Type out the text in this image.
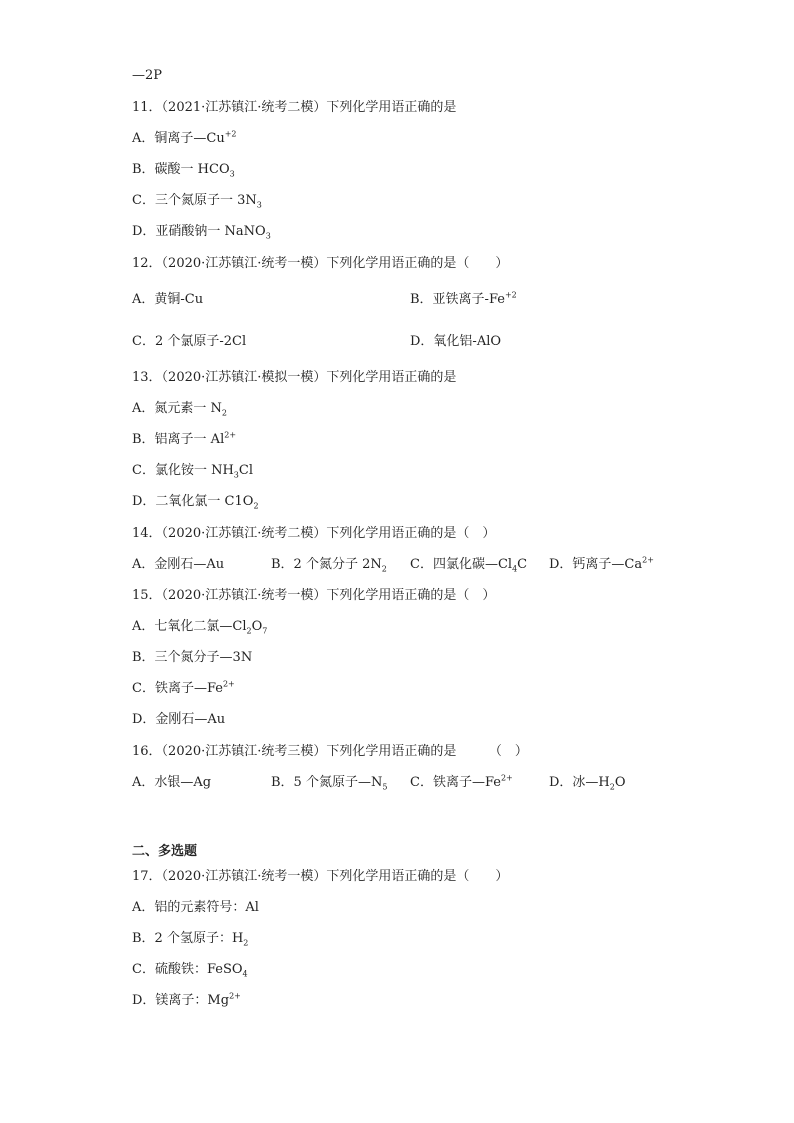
—2P
11．（2021·江苏镇江·统考二模）下列化学用语正确的是
A．铜离子$—Cu^{+2}$
B．碳酸一 $HCO_3$
C．三个氮原子一 $3N_3$
D．亚硝酸钠一 NaNO$_3$
12．（2020·江苏镇江·统考一模）下列化学用语正确的是（　　）
A．黄铜-Cu	B．亚铁离子$-Fe^{+2}$
C．2 个氯原子-2Cl	D．氧化铝-AlO
13．（2020·江苏镇江·模拟一模）下列化学用语正确的是
A．氮元素一 $N_2$
B．铝离子一 $Al^{2+}$
C．氯化铵一 $NH_3Cl$
D．二氧化氯一 $C1O_2$
14．（2020·江苏镇江·统考二模）下列化学用语正确的是（　）
A．金刚石—Au	B．2 个氮分子 $2N_2$ C．四氯化碳$—Cl_4C$ D．钙离子$—Ca^{2+}$
15．（2020·江苏镇江·统考一模）下列化学用语正确的是（　）
A．七氧化二氯$—Cl_2O_7$
B．三个氮分子—3N
C．铁离子$—Fe^{2+}$
D．金刚石—Au
16．（2020·江苏镇江·统考三模）下列化学用语正确的是　　　（　）
A．水银—Ag	B．5 个氮原子$—N_5$ C．铁离子$—Fe^{2+}$	D．冰$—H_2O$
二、多选题
17．（2020·江苏镇江·统考一模）下列化学用语正确的是（　　）
A．铝的元素符号：Al
B．2 个氢原子：$H_2$
C．硫酸铁：FeSO$_4$
D．镁离子：$Mg^{2+}$
